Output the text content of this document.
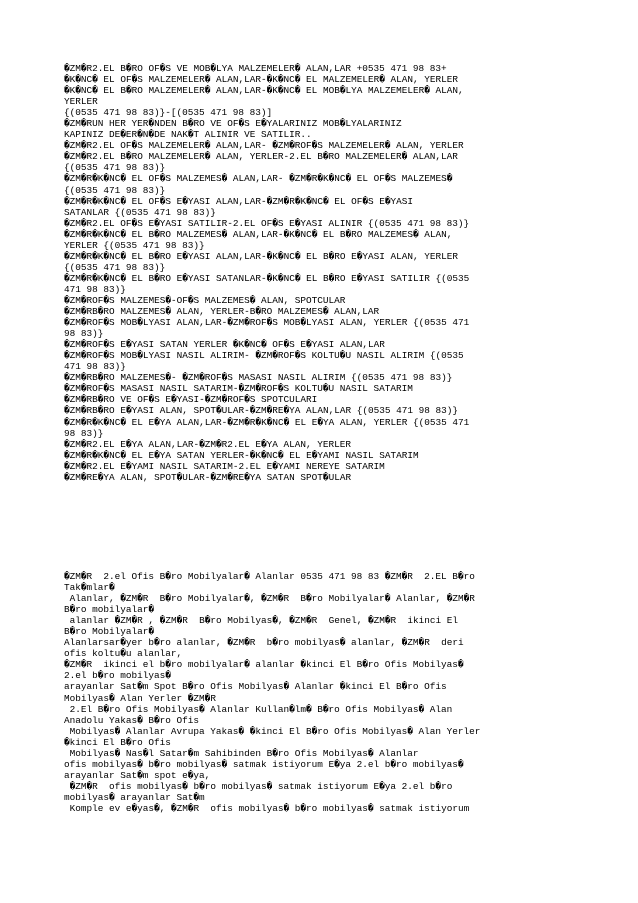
�ZM�R2.EL B�RO OF�S VE MOB�LYA MALZEMELER� ALAN,LAR +0535 471 98 83+
�K�NC� EL OF�S MALZEMELER� ALAN,LAR-�K�NC� EL MALZEMELER� ALAN, YERLER
�K�NC� EL B�RO MALZEMELER� ALAN,LAR-�K�NC� EL MOB�LYA MALZEMELER� ALAN,
YERLER
{(0535 471 98 83)}-[(0535 471 98 83)]
�ZM�RUN HER YER�NDEN B�RO VE OF�S E�YALARINIZ MOB�LYALARINIZ
KAPINIZ DE�ER�N�DE NAK�T ALINIR VE SATILIR..
�ZM�R2.EL OF�S MALZEMELER� ALAN,LAR- �ZM�ROF�S MALZEMELER� ALAN, YERLER
�ZM�R2.EL B�RO MALZEMELER� ALAN, YERLER-2.EL B�RO MALZEMELER� ALAN,LAR
{(0535 471 98 83)}
�ZM�R�K�NC� EL OF�S MALZEMES� ALAN,LAR- �ZM�R�K�NC� EL OF�S MALZEMES�
{(0535 471 98 83)}
�ZM�R�K�NC� EL OF�S E�YASI ALAN,LAR-�ZM�R�K�NC� EL OF�S E�YASI
SATANLAR {(0535 471 98 83)}
�ZM�R2.EL OF�S E�YASI SATILIR-2.EL OF�S E�YASI ALINIR {(0535 471 98 83)}
�ZM�R�K�NC� EL B�RO MALZEMES� ALAN,LAR-�K�NC� EL B�RO MALZEMES� ALAN,
YERLER {(0535 471 98 83)}
�ZM�R�K�NC� EL B�RO E�YASI ALAN,LAR-�K�NC� EL B�RO E�YASI ALAN, YERLER
{(0535 471 98 83)}
�ZM�R�K�NC� EL B�RO E�YASI SATANLAR-�K�NC� EL B�RO E�YASI SATILIR {(0535
471 98 83)}
�ZM�ROF�S MALZEMES�-OF�S MALZEMES� ALAN, SPOTCULAR
�ZM�RB�RO MALZEMES� ALAN, YERLER-B�RO MALZEMES� ALAN,LAR
�ZM�ROF�S MOB�LYASI ALAN,LAR-�ZM�ROF�S MOB�LYASI ALAN, YERLER {(0535 471
98 83)}
�ZM�ROF�S E�YASI SATAN YERLER �K�NC� OF�S E�YASI ALAN,LAR
�ZM�ROF�S MOB�LYASI NASIL ALIRIM- �ZM�ROF�S KOLTU�U NASIL ALIRIM {(0535
471 98 83)}
�ZM�RB�RO MALZEMES�- �ZM�ROF�S MASASI NASIL ALIRIM {(0535 471 98 83)}
�ZM�ROF�S MASASI NASIL SATARIM-�ZM�ROF�S KOLTU�U NASIL SATARIM
�ZM�RB�RO VE OF�S E�YASI-�ZM�ROF�S SPOTCULARI
�ZM�RB�RO E�YASI ALAN, SPOT�ULAR-�ZM�RE�YA ALAN,LAR {(0535 471 98 83)}
�ZM�R�K�NC� EL E�YA ALAN,LAR-�ZM�R�K�NC� EL E�YA ALAN, YERLER {(0535 471
98 83)}
�ZM�R2.EL E�YA ALAN,LAR-�ZM�R2.EL E�YA ALAN, YERLER
�ZM�R�K�NC� EL E�YA SATAN YERLER-�K�NC� EL E�YAMI NASIL SATARIM
�ZM�R2.EL E�YAMI NASIL SATARIM-2.EL E�YAMI NEREYE SATARIM
�ZM�RE�YA ALAN, SPOT�ULAR-�ZM�RE�YA SATAN SPOT�ULAR
�ZM�R  2.el Ofis B�ro Mobilyalar� Alanlar 0535 471 98 83 �ZM�R  2.EL B�ro
Tak�mlar�
Alanlar, �ZM�R  B�ro Mobilyalar�, �ZM�R  B�ro Mobilyalar� Alanlar, �ZM�R
B�ro mobilyalar�
alanlar �ZM�R , �ZM�R  B�ro Mobilyas�, �ZM�R  Genel, �ZM�R  ikinci El
B�ro Mobilyalar�
Alanlarsar�yer b�ro alanlar, �ZM�R  b�ro mobilyas� alanlar, �ZM�R  deri
ofis koltu�u alanlar,
�ZM�R  ikinci el b�ro mobilyalar� alanlar �kinci El B�ro Ofis Mobilyas�
2.el b�ro mobilyas�
arayanlar Sat�m Spot B�ro Ofis Mobilyas� Alanlar �kinci El B�ro Ofis
Mobilyas� Alan Yerler �ZM�R
2.El B�ro Ofis Mobilyas� Alanlar Kullan�lm� B�ro Ofis Mobilyas� Alan
Anadolu Yakas� B�ro Ofis
Mobilyas� Alanlar Avrupa Yakas� �kinci El B�ro Ofis Mobilyas� Alan Yerler
�kinci El B�ro Ofis
Mobilyas� Nas�l Satar�m Sahibinden B�ro Ofis Mobilyas� Alanlar
ofis mobilyas� b�ro mobilyas� satmak istiyorum E�ya 2.el b�ro mobilyas�
arayanlar Sat�m spot e�ya,
�ZM�R  ofis mobilyas� b�ro mobilyas� satmak istiyorum E�ya 2.el b�ro
mobilyas� arayanlar Sat�m
Komple ev e�yas�, �ZM�R  ofis mobilyas� b�ro mobilyas� satmak istiyorum
